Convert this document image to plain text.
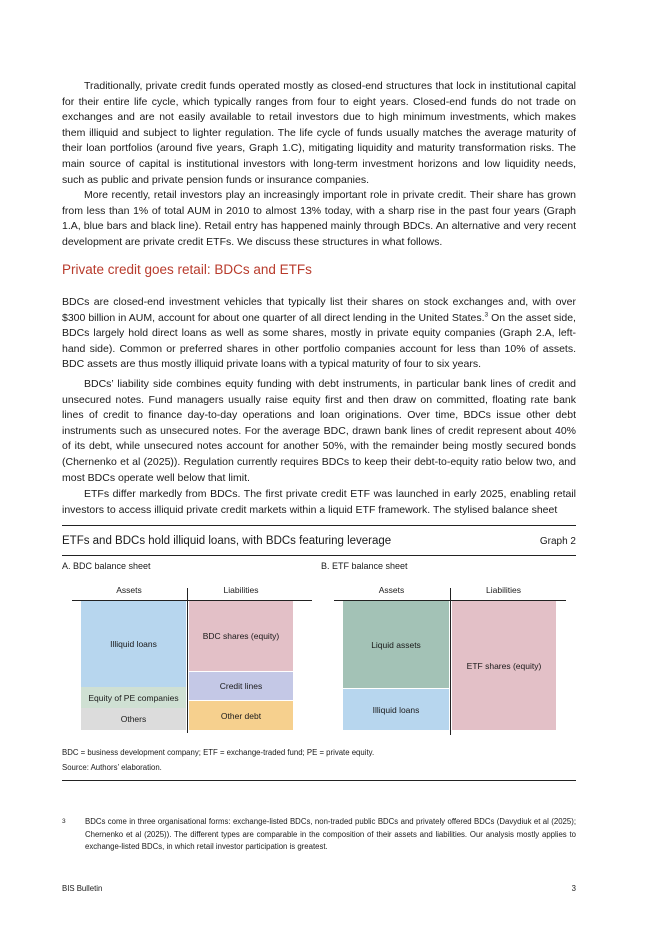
Traditionally, private credit funds operated mostly as closed-end structures that lock in institutional capital for their entire life cycle, which typically ranges from four to eight years. Closed-end funds do not trade on exchanges and are not easily available to retail investors due to high minimum investments, which makes them illiquid and subject to lighter regulation. The life cycle of funds usually matches the average maturity of their loan portfolios (around five years, Graph 1.C), mitigating liquidity and maturity transformation risks. The main source of capital is institutional investors with long-term investment horizons and low liquidity needs, such as public and private pension funds or insurance companies.

More recently, retail investors play an increasingly important role in private credit. Their share has grown from less than 1% of total AUM in 2010 to almost 13% today, with a sharp rise in the past four years (Graph 1.A, blue bars and black line). Retail entry has happened mainly through BDCs. An alternative and very recent development are private credit ETFs. We discuss these structures in what follows.

Private credit goes retail: BDCs and ETFs

BDCs are closed-end investment vehicles that typically list their shares on stock exchanges and, with over $300 billion in AUM, account for about one quarter of all direct lending in the United States.$^3$ On the asset side, BDCs largely hold direct loans as well as some shares, mostly in private equity companies (Graph 2.A, left-hand side). Common or preferred shares in other portfolio companies account for less than 10% of assets. BDC assets are thus mostly illiquid private loans with a typical maturity of four to six years.

BDCs’ liability side combines equity funding with debt instruments, in particular bank lines of credit and unsecured notes. Fund managers usually raise equity first and then draw on committed, floating rate bank lines of credit to finance day-to-day operations and loan originations. Over time, BDCs issue other debt instruments such as unsecured notes. For the average BDC, drawn bank lines of credit represent about 40% of its debt, while unsecured notes account for another 50%, with the remainder being mostly secured bonds (Chernenko et al (2025)). Regulation currently requires BDCs to keep their debt-to-equity ratio below two, and most BDCs operate well below that limit.

ETFs differ markedly from BDCs. The first private credit ETF was launched in early 2025, enabling retail investors to access illiquid private credit markets within a liquid ETF framework. The stylised balance sheet

ETFs and BDCs hold illiquid loans, with BDCs featuring leverage	Graph 2
A. BDC balance sheet	B. ETF balance sheet
Assets	Liabilities
Illiquid loans
Equity of PE companies
Others
BDC shares (equity)
Credit lines
Other debt
Assets	Liabilities
Liquid assets
Illiquid loans
ETF shares (equity)
BDC = business development company; ETF = exchange-traded fund; PE = private equity.
Source: Authors’ elaboration.
3 BDCs come in three organisational forms: exchange-listed BDCs, non-traded public BDCs and privately offered BDCs (Davydiuk et al (2025); Chernenko et al (2025)). The different types are comparable in the composition of their assets and liabilities. Our analysis mostly applies to exchange-listed BDCs, in which retail investor participation is greatest.
BIS Bulletin	3
